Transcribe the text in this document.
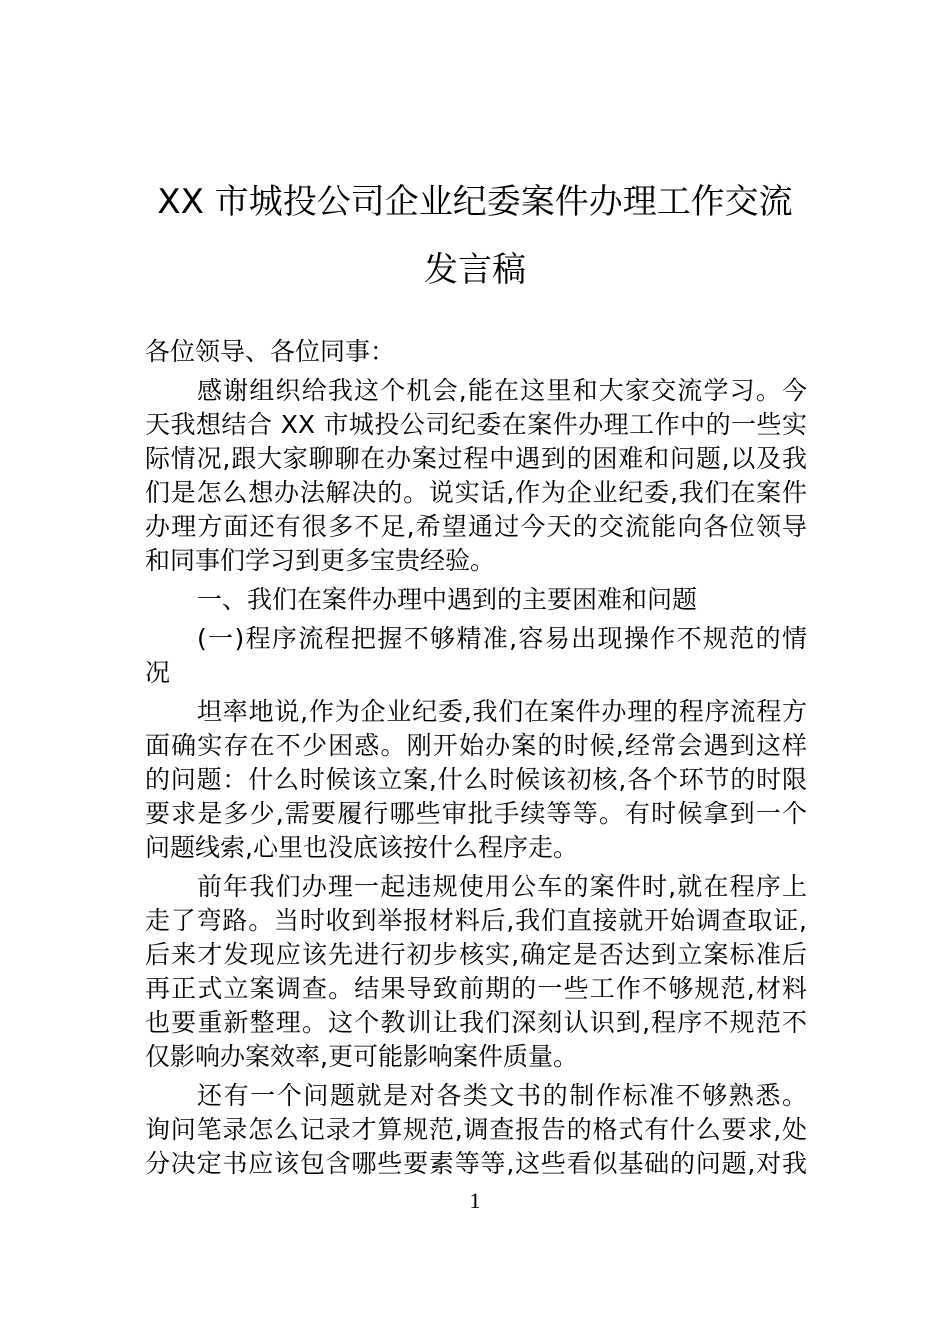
XX 市城投公司企业纪委案件办理工作交流
发言稿
各位领导、各位同事：
感谢组织给我这个机会,能在这里和大家交流学习。今
天我想结合 XX 市城投公司纪委在案件办理工作中的一些实
际情况,跟大家聊聊在办案过程中遇到的困难和问题,以及我
们是怎么想办法解决的。说实话,作为企业纪委,我们在案件
办理方面还有很多不足,希望通过今天的交流能向各位领导
和同事们学习到更多宝贵经验。
一、我们在案件办理中遇到的主要困难和问题
(一)程序流程把握不够精准,容易出现操作不规范的情
况
坦率地说,作为企业纪委,我们在案件办理的程序流程方
面确实存在不少困惑。刚开始办案的时候,经常会遇到这样
的问题：什么时候该立案,什么时候该初核,各个环节的时限
要求是多少,需要履行哪些审批手续等等。有时候拿到一个
问题线索,心里也没底该按什么程序走。
前年我们办理一起违规使用公车的案件时,就在程序上
走了弯路。当时收到举报材料后,我们直接就开始调查取证,
后来才发现应该先进行初步核实,确定是否达到立案标准后
再正式立案调查。结果导致前期的一些工作不够规范,材料
也要重新整理。这个教训让我们深刻认识到,程序不规范不
仅影响办案效率,更可能影响案件质量。
还有一个问题就是对各类文书的制作标准不够熟悉。
询问笔录怎么记录才算规范,调查报告的格式有什么要求,处
分决定书应该包含哪些要素等等,这些看似基础的问题,对我
1
